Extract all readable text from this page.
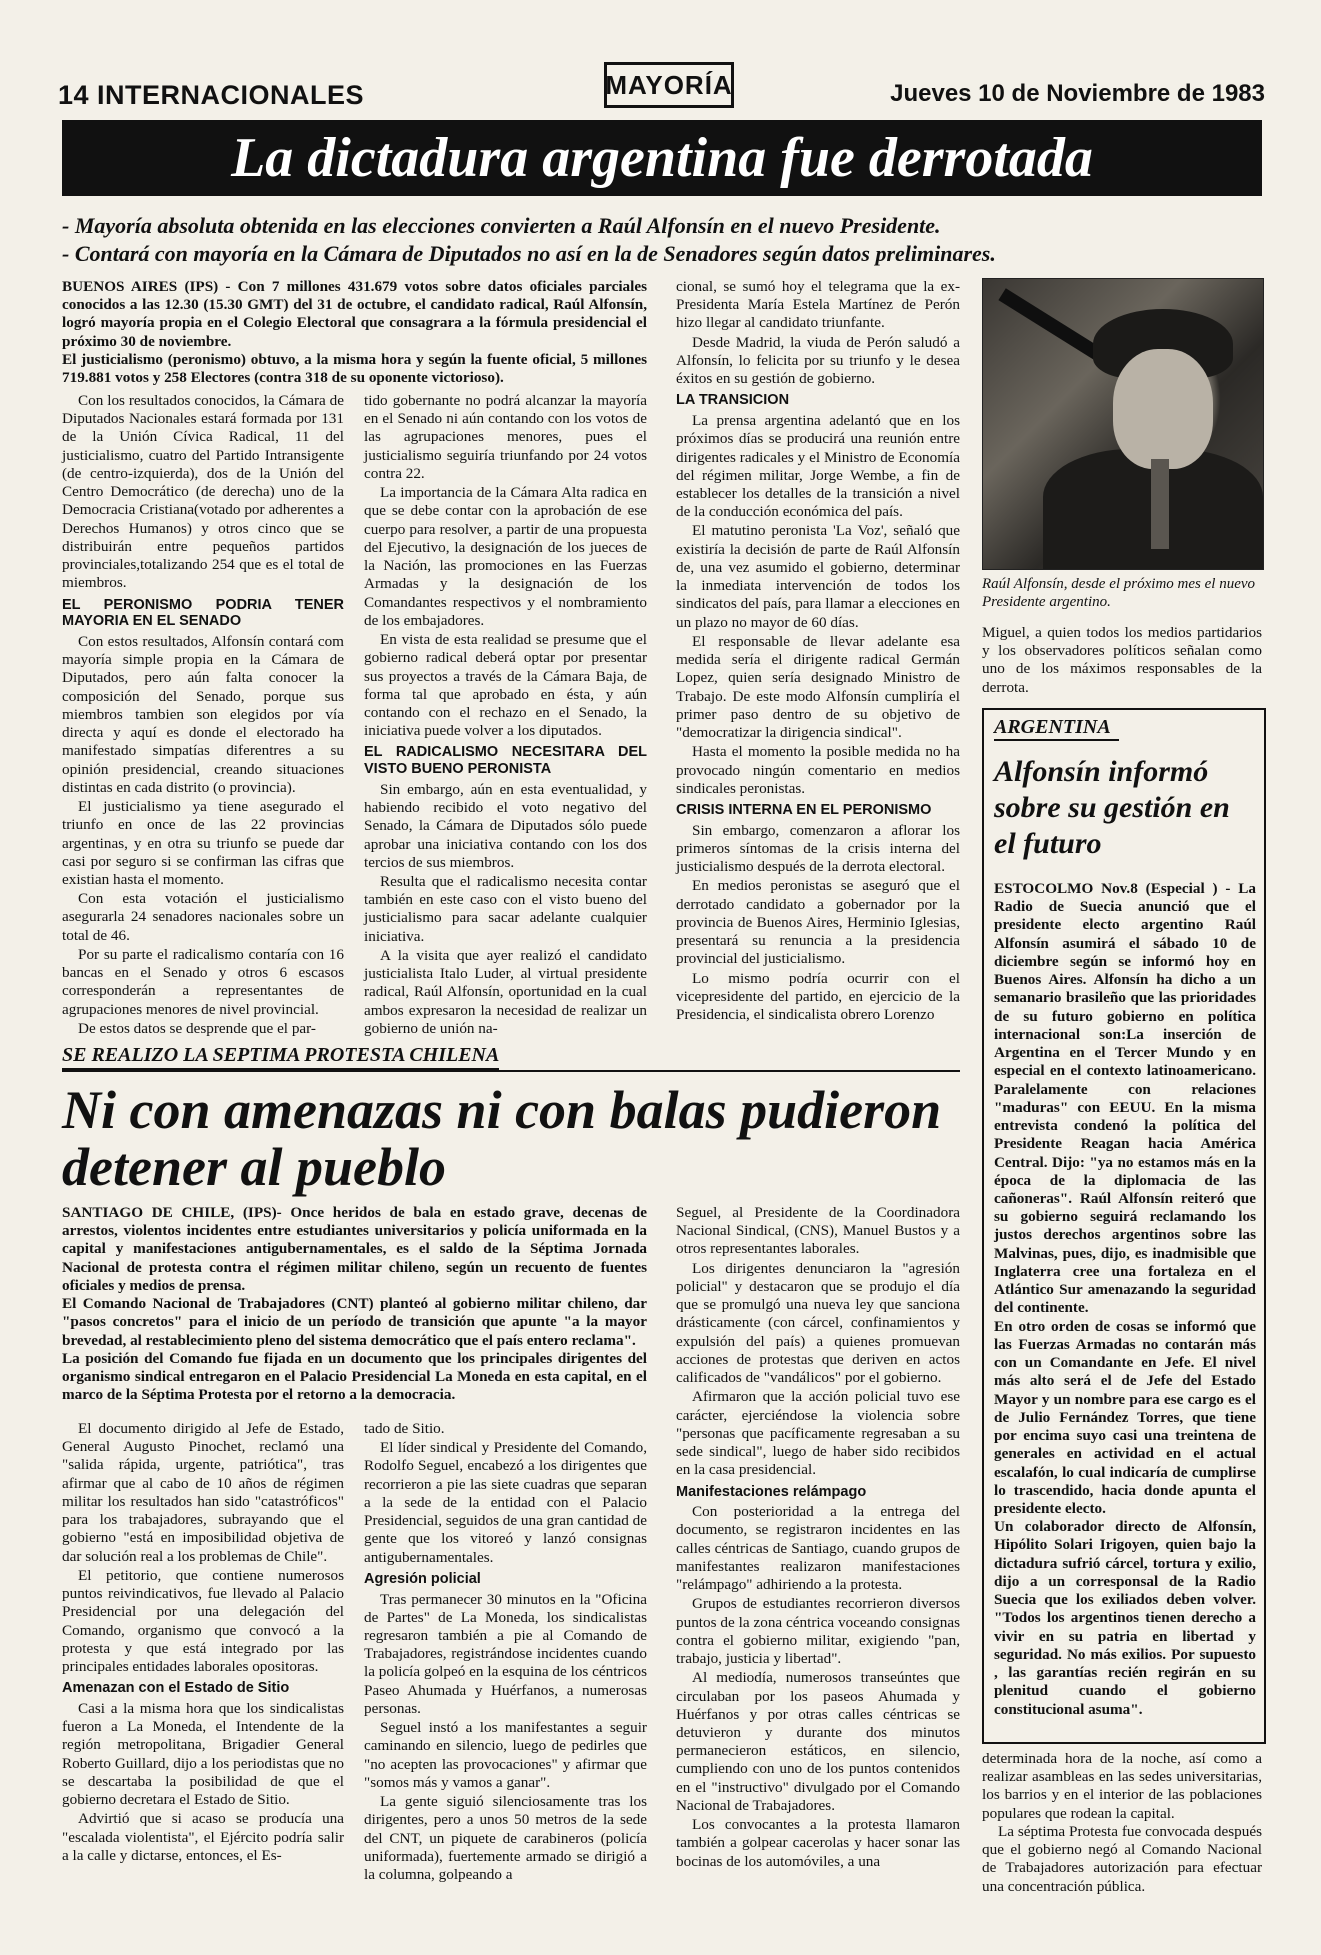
14 INTERNACIONALES	MAYORÍA	Jueves 10 de Noviembre de 1983
La dictadura argentina fue derrotada

- Mayoría absoluta obtenida en las elecciones convierten a Raúl Alfonsín en el nuevo Presidente.

- Contará con mayoría en la Cámara de Diputados no así en la de Senadores según datos preliminares.

BUENOS AIRES (IPS) - Con 7 millones 431.679 votos sobre datos oficiales parciales conocidos a las 12.30 (15.30 GMT) del 31 de octubre, el candidato radical, Raúl Alfonsín, logró mayoría propia en el Colegio Electoral que consagrara a la fórmula presidencial el próximo 30 de noviembre.

El justicialismo (peronismo) obtuvo, a la misma hora y según la fuente oficial, 5 millones 719.881 votos y 258 Electores (contra 318 de su oponente victorioso).

Con los resultados conocidos, la Cámara de Diputados Nacionales estará formada por 131 de la Unión Cívica Radical, 11 del justicialismo, cuatro del Partido Intransigente (de centro-izquierda), dos de la Unión del Centro Democrático (de derecha) uno de la Democracia Cristiana(votado por adherentes a Derechos Humanos) y otros cinco que se distribuirán entre pequeños partidos provinciales,totalizando 254 que es el total de miembros.

EL PERONISMO PODRIA TENER MAYORIA EN EL SENADO

Con estos resultados, Alfonsín contará com mayoría simple propia en la Cámara de Diputados, pero aún falta conocer la composición del Senado, porque sus miembros tambien son elegidos por vía directa y aquí es donde el electorado ha manifestado simpatías diferentres a su opinión presidencial, creando situaciones distintas en cada distrito (o provincia).

El justicialismo ya tiene asegurado el triunfo en once de las 22 provincias argentinas, y en otra su triunfo se puede dar casi por seguro si se confirman las cifras que existian hasta el momento.

Con esta votación el justicialismo asegurarla 24 senadores nacionales sobre un total de 46.

Por su parte el radicalismo contaría con 16 bancas en el Senado y otros 6 escasos corresponderán a representantes de agrupaciones menores de nivel provincial.

De estos datos se desprende que el par-

tido gobernante no podrá alcanzar la mayoría en el Senado ni aún contando con los votos de las agrupaciones menores, pues el justicialismo seguiría triunfando por 24 votos contra 22.

La importancia de la Cámara Alta radica en que se debe contar con la aprobación de ese cuerpo para resolver, a partir de una propuesta del Ejecutivo, la designación de los jueces de la Nación, las promociones en las Fuerzas Armadas y la designación de los Comandantes respectivos y el nombramiento de los embajadores.

En vista de esta realidad se presume que el gobierno radical deberá optar por presentar sus proyectos a través de la Cámara Baja, de forma tal que aprobado en ésta, y aún contando con el rechazo en el Senado, la iniciativa puede volver a los diputados.

EL RADICALISMO NECESITARA DEL VISTO BUENO PERONISTA

Sin embargo, aún en esta eventualidad, y habiendo recibido el voto negativo del Senado, la Cámara de Diputados sólo puede aprobar una iniciativa contando con los dos tercios de sus miembros.

Resulta que el radicalismo necesita contar también en este caso con el visto bueno del justicialismo para sacar adelante cualquier iniciativa.

A la visita que ayer realizó el candidato justicialista Italo Luder, al virtual presidente radical, Raúl Alfonsín, oportunidad en la cual ambos expresaron la necesidad de realizar un gobierno de unión na-

cional, se sumó hoy el telegrama que la ex-Presidenta María Estela Martínez de Perón hizo llegar al candidato triunfante.

Desde Madrid, la viuda de Perón saludó a Alfonsín, lo felicita por su triunfo y le desea éxitos en su gestión de gobierno.

LA TRANSICION

La prensa argentina adelantó que en los próximos días se producirá una reunión entre dirigentes radicales y el Ministro de Economía del régimen militar, Jorge Wembe, a fin de establecer los detalles de la transición a nivel de la conducción económica del país.

El matutino peronista 'La Voz', señaló que existiría la decisión de parte de Raúl Alfonsín de, una vez asumido el gobierno, determinar la inmediata intervención de todos los sindicatos del país, para llamar a elecciones en un plazo no mayor de 60 días.

El responsable de llevar adelante esa medida sería el dirigente radical Germán Lopez, quien sería designado Ministro de Trabajo. De este modo Alfonsín cumpliría el primer paso dentro de su objetivo de "democratizar la dirigencia sindical".

Hasta el momento la posible medida no ha provocado ningún comentario en medios sindicales peronistas.

CRISIS INTERNA EN EL PERONISMO

Sin embargo, comenzaron a aflorar los primeros síntomas de la crisis interna del justicialismo después de la derrota electoral.

En medios peronistas se aseguró que el derrotado candidato a gobernador por la provincia de Buenos Aires, Herminio Iglesias, presentará su renuncia a la presidencia provincial del justicialismo.

Lo mismo podría ocurrir con el vicepresidente del partido, en ejercicio de la Presidencia, el sindicalista obrero Lorenzo

Raúl Alfonsín, desde el próximo mes el nuevo Presidente argentino.

Miguel, a quien todos los medios partidarios y los observadores políticos señalan como uno de los máximos responsables de la derrota.

ARGENTINA
Alfonsín informó sobre su gestión en el futuro

ESTOCOLMO Nov.8 (Especial ) - La Radio de Suecia anunció que el presidente electo argentino Raúl Alfonsín asumirá el sábado 10 de diciembre según se informó hoy en Buenos Aires. Alfonsín ha dicho a un semanario brasileño que las prioridades de su futuro gobierno en política internacional son:La inserción de Argentina en el Tercer Mundo y en especial en el contexto latinoamericano. Paralelamente con relaciones "maduras" con EEUU. En la misma entrevista condenó la política del Presidente Reagan hacia América Central. Dijo: "ya no estamos más en la época de la diplomacia de las cañoneras". Raúl Alfonsín reiteró que su gobierno seguirá reclamando los justos derechos argentinos sobre las Malvinas, pues, dijo, es inadmisible que Inglaterra cree una fortaleza en el Atlántico Sur amenazando la seguridad del continente.

En otro orden de cosas se informó que las Fuerzas Armadas no contarán más con un Comandante en Jefe. El nivel más alto será el de Jefe del Estado Mayor y un nombre para ese cargo es el de Julio Fernández Torres, que tiene por encima suyo casi una treintena de generales en actividad en el actual escalafón, lo cual indicaría de cumplirse lo trascendido, hacia donde apunta el presidente electo.

Un colaborador directo de Alfonsín, Hipólito Solari Irigoyen, quien bajo la dictadura sufrió cárcel, tortura y exilio, dijo a un corresponsal de la Radio Suecia que los exiliados deben volver. "Todos los argentinos tienen derecho a vivir en su patria en libertad y seguridad. No más exilios. Por supuesto , las garantías recién regirán en su plenitud cuando el gobierno constitucional asuma".

SE REALIZO LA SEPTIMA PROTESTA CHILENA
Ni con amenazas ni con balas pudieron detener al pueblo

SANTIAGO DE CHILE, (IPS)- Once heridos de bala en estado grave, decenas de arrestos, violentos incidentes entre estudiantes universitarios y policía uniformada en la capital y manifestaciones antigubernamentales, es el saldo de la Séptima Jornada Nacional de protesta contra el régimen militar chileno, según un recuento de fuentes oficiales y medios de prensa.

El Comando Nacional de Trabajadores (CNT) planteó al gobierno militar chileno, dar "pasos concretos" para el inicio de un período de transición que apunte "a la mayor brevedad, al restablecimiento pleno del sistema democrático que el país entero reclama".

La posición del Comando fue fijada en un documento que los principales dirigentes del organismo sindical entregaron en el Palacio Presidencial La Moneda en esta capital, en el marco de la Séptima Protesta por el retorno a la democracia.

El documento dirigido al Jefe de Estado, General Augusto Pinochet, reclamó una "salida rápida, urgente, patriótica", tras afirmar que al cabo de 10 años de régimen militar los resultados han sido "catastróficos" para los trabajadores, subrayando que el gobierno "está en imposibilidad objetiva de dar solución real a los problemas de Chile".

El petitorio, que contiene numerosos puntos reivindicativos, fue llevado al Palacio Presidencial por una delegación del Comando, organismo que convocó a la protesta y que está integrado por las principales entidades laborales opositoras.

Amenazan con el Estado de Sitio

Casi a la misma hora que los sindicalistas fueron a La Moneda, el Intendente de la región metropolitana, Brigadier General Roberto Guillard, dijo a los periodistas que no se descartaba la posibilidad de que el gobierno decretara el Estado de Sitio.

Advirtió que si acaso se producía una "escalada violentista", el Ejército podría salir a la calle y dictarse, entonces, el Es-

tado de Sitio.

El líder sindical y Presidente del Comando, Rodolfo Seguel, encabezó a los dirigentes que recorrieron a pie las siete cuadras que separan a la sede de la entidad con el Palacio Presidencial, seguidos de una gran cantidad de gente que los vitoreó y lanzó consignas antigubernamentales.

Agresión policial

Tras permanecer 30 minutos en la "Oficina de Partes" de La Moneda, los sindicalistas regresaron también a pie al Comando de Trabajadores, registrándose incidentes cuando la policía golpeó en la esquina de los céntricos Paseo Ahumada y Huérfanos, a numerosas personas.

Seguel instó a los manifestantes a seguir caminando en silencio, luego de pedirles que "no acepten las provocaciones" y afirmar que "somos más y vamos a ganar".

La gente siguió silenciosamente tras los dirigentes, pero a unos 50 metros de la sede del CNT, un piquete de carabineros (policía uniformada), fuertemente armado se dirigió a la columna, golpeando a

Seguel, al Presidente de la Coordinadora Nacional Sindical, (CNS), Manuel Bustos y a otros representantes laborales.

Los dirigentes denunciaron la "agresión policial" y destacaron que se produjo el día que se promulgó una nueva ley que sanciona drásticamente (con cárcel, confinamientos y expulsión del país) a quienes promuevan acciones de protestas que deriven en actos calificados de "vandálicos" por el gobierno.

Afirmaron que la acción policial tuvo ese carácter, ejerciéndose la violencia sobre "personas que pacíficamente regresaban a su sede sindical", luego de haber sido recibidos en la casa presidencial.

Manifestaciones relámpago

Con posterioridad a la entrega del documento, se registraron incidentes en las calles céntricas de Santiago, cuando grupos de manifestantes realizaron manifestaciones "relámpago" adhiriendo a la protesta.

Grupos de estudiantes recorrieron diversos puntos de la zona céntrica voceando consignas contra el gobierno militar, exigiendo "pan, trabajo, justicia y libertad".

Al mediodía, numerosos transeúntes que circulaban por los paseos Ahumada y Huérfanos y por otras calles céntricas se detuvieron y durante dos minutos permanecieron estáticos, en silencio, cumpliendo con uno de los puntos contenidos en el "instructivo" divulgado por el Comando Nacional de Trabajadores.

Los convocantes a la protesta llamaron también a golpear cacerolas y hacer sonar las bocinas de los automóviles, a una

determinada hora de la noche, así como a realizar asambleas en las sedes universitarias, los barrios y en el interior de las poblaciones populares que rodean la capital.

La séptima Protesta fue convocada después que el gobierno negó al Comando Nacional de Trabajadores autorización para efectuar una concentración pública.
